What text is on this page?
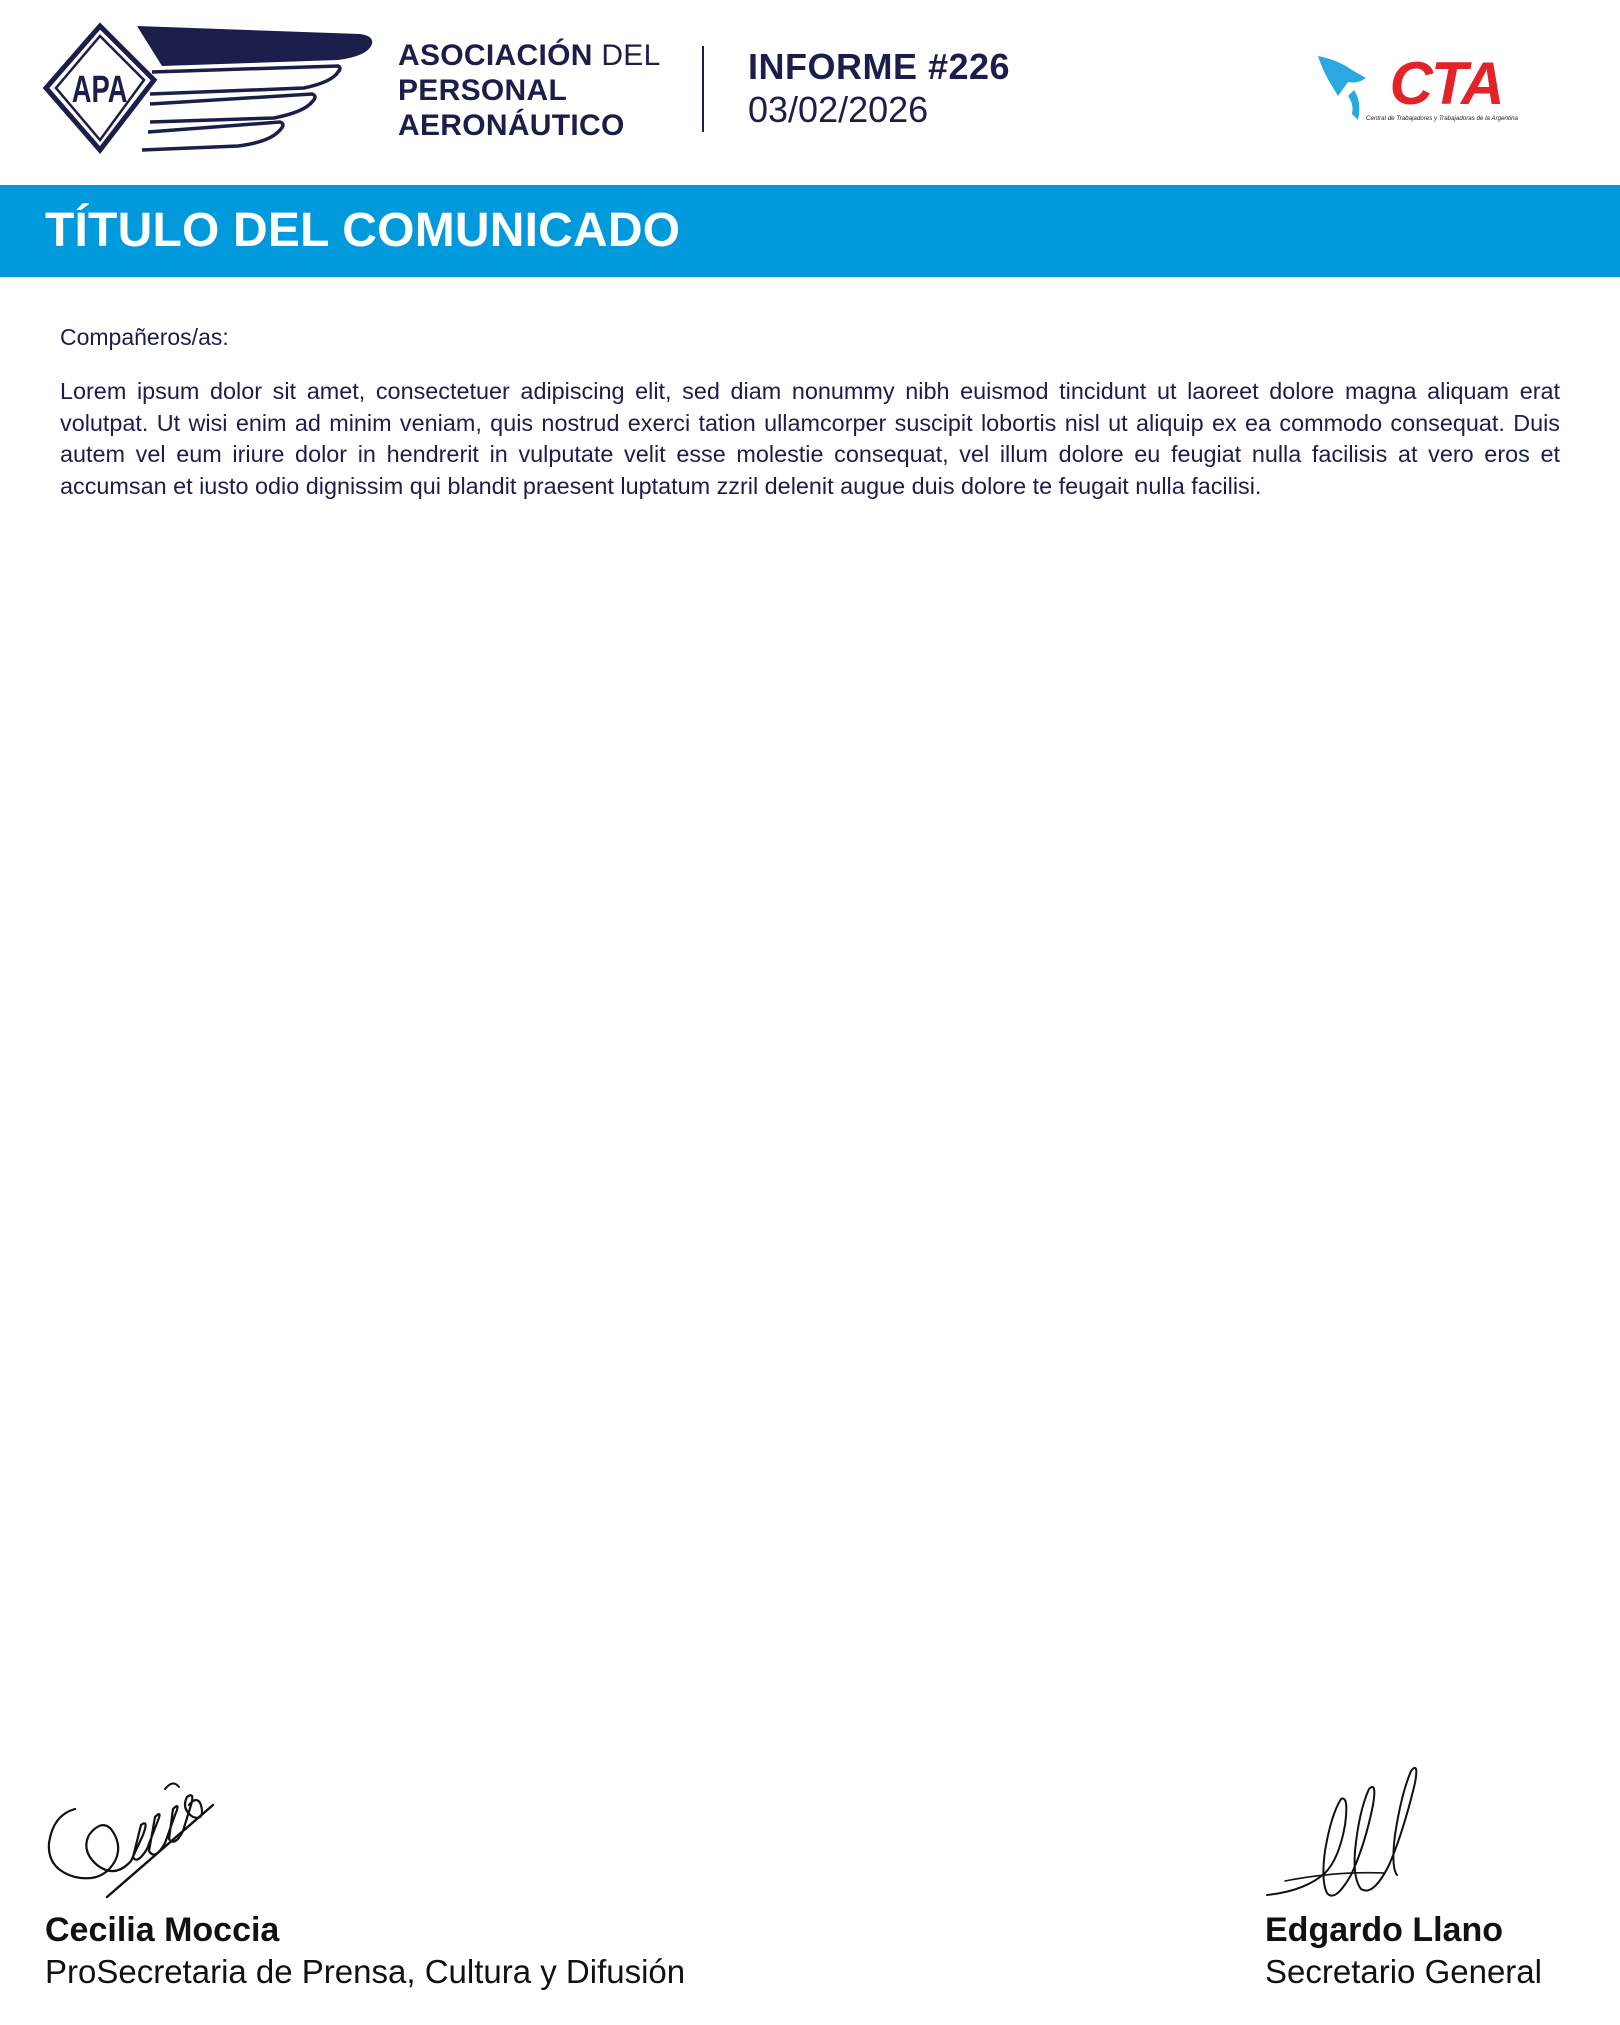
APA
ASOCIACIÓN DEL
PERSONAL
AERONÁUTICO
INFORME #226
03/02/2026	CTA
Central de Trabajadores y Trabajadoras de la Argentina
TÍTULO DEL COMUNICADO

Compañeros/as:

Lorem ipsum dolor sit amet, consectetuer adipiscing elit, sed diam nonummy nibh euismod tincidunt ut laoreet dolore magna aliquam erat volutpat. Ut wisi enim ad minim veniam, quis nostrud exerci tation ullamcorper suscipit lobortis nisl ut aliquip ex ea commodo consequat. Duis autem vel eum iriure dolor in hendrerit in vulputate velit esse molestie consequat, vel illum dolore eu feugiat nulla facilisis at vero eros et accumsan et iusto odio dignissim qui blandit praesent luptatum zzril delenit augue duis dolore te feugait nulla facilisi.

Cecilia Moccia
ProSecretaria de Prensa, Cultura y Difusión
Edgardo Llano
Secretario General
